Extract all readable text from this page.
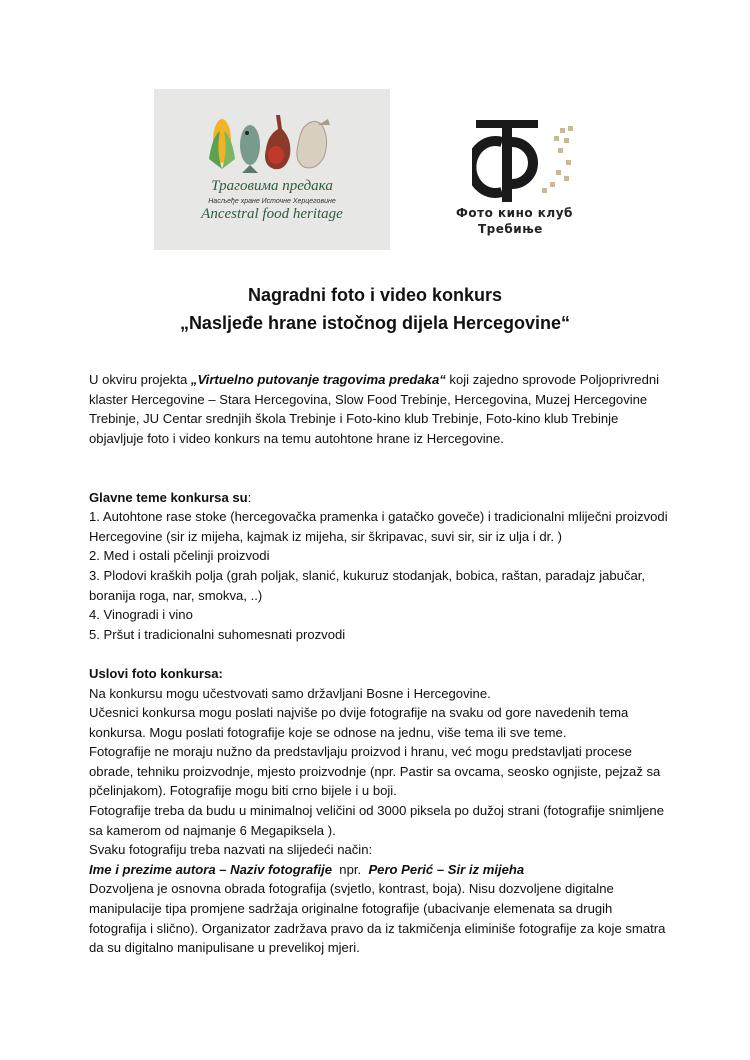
Траговима предака
Насљеђе хране Источне Херцеговине
Ancestral food heritage	Фото кино клуб
Требиње
Nagradni foto i video konkurs
„Nasljeđe hrane istočnog dijela Hercegovine“

U okviru projekta „Virtuelno putovanje tragovima predaka“ koji zajedno sprovode Poljoprivredni

klaster Hercegovine – Stara Hercegovina, Slow Food Trebinje, Hercegovina, Muzej Hercegovine

Trebinje, JU Centar srednjih škola Trebinje i Foto-kino klub Trebinje, Foto-kino klub Trebinje

objavljuje foto i video konkurs na temu autohtone hrane iz Hercegovine.

Glavne teme konkursa su:

1. Autohtone rase stoke (hercegovačka pramenka i gatačko goveče) i tradicionalni mliječni proizvodi

Hercegovine (sir iz mijeha, kajmak iz mijeha, sir škripavac, suvi sir, sir iz ulja i dr. )

2. Med i ostali pčelinji proizvodi

3. Plodovi kraških polja (grah poljak, slanić, kukuruz stodanjak, bobica, raštan, paradajz jabučar,

boranija roga, nar, smokva, ..)

4. Vinogradi i vino

5. Pršut i tradicionalni suhomesnati prozvodi

Uslovi foto konkursa:

Na konkursu mogu učestvovati samo državljani Bosne i Hercegovine.

Učesnici konkursa mogu poslati najviše po dvije fotografije na svaku od gore navedenih tema

konkursa. Mogu poslati fotografije koje se odnose na jednu, više tema ili sve teme.

Fotografije ne moraju nužno da predstavljaju proizvod i hranu, već mogu predstavljati procese

obrade, tehniku proizvodnje, mjesto proizvodnje (npr. Pastir sa ovcama, seosko ognjiste, pejzaž sa

pčelinjakom). Fotografije mogu biti crno bijele i u boji.

Fotografije treba da budu u minimalnoj veličini od 3000 piksela po dužoj strani (fotografije snimljene

sa kamerom od najmanje 6 Megapiksela ).

Svaku fotografiju treba nazvati na slijedeći način:

Ime i prezime autora – Naziv fotografije  npr.  Pero Perić – Sir iz mijeha

Dozvoljena je osnovna obrada fotografija (svjetlo, kontrast, boja). Nisu dozvoljene digitalne

manipulacije tipa promjene sadržaja originalne fotografije (ubacivanje elemenata sa drugih

fotografija i slično). Organizator zadržava pravo da iz takmičenja eliminiše fotografije za koje smatra

da su digitalno manipulisane u prevelikoj mjeri.
